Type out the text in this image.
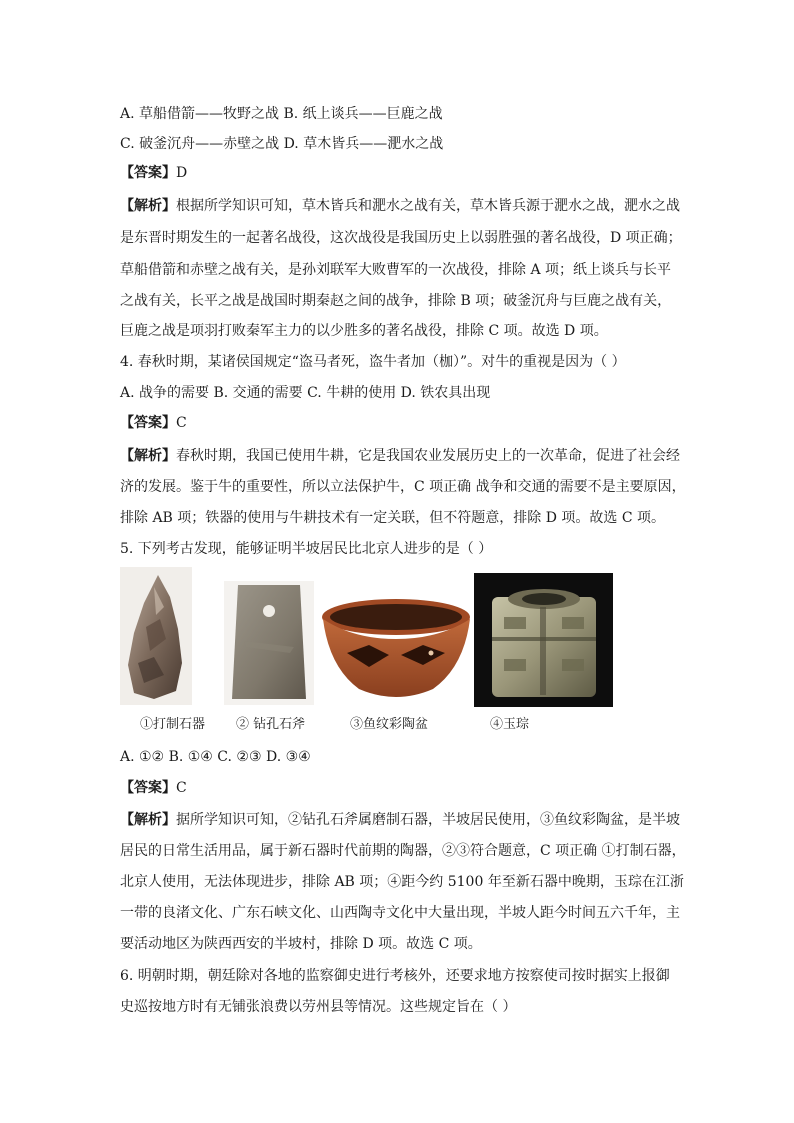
A. 草船借箭——牧野之战 B. 纸上谈兵——巨鹿之战
C. 破釜沉舟——赤壁之战 D. 草木皆兵——淝水之战
【答案】D
【解析】根据所学知识可知，草木皆兵和淝水之战有关，草木皆兵源于淝水之战，淝水之战
是东晋时期发生的一起著名战役，这次战役是我国历史上以弱胜强的著名战役，D 项正确；
草船借箭和赤壁之战有关，是孙刘联军大败曹军的一次战役，排除 A 项；纸上谈兵与长平
之战有关，长平之战是战国时期秦赵之间的战争，排除 B 项；破釜沉舟与巨鹿之战有关，
巨鹿之战是项羽打败秦军主力的以少胜多的著名战役，排除 C 项。故选 D 项。
4. 春秋时期，某诸侯国规定“盗马者死，盗牛者加（枷）”。对牛的重视是因为（ ）
A. 战争的需要 B. 交通的需要 C. 牛耕的使用 D. 铁农具出现
【答案】C
【解析】春秋时期，我国已使用牛耕，它是我国农业发展历史上的一次革命，促进了社会经
济的发展。鉴于牛的重要性，所以立法保护牛，C 项正确 战争和交通的需要不是主要原因，
排除 AB 项；铁器的使用与牛耕技术有一定关联，但不符题意，排除 D 项。故选 C 项。
5. 下列考古发现，能够证明半坡居民比北京人进步的是（ ）
①打制石器 ② 钻孔石斧	③鱼纹彩陶盆	④玉琮
A. ①② B. ①④ C. ②③ D. ③④
【答案】C
【解析】据所学知识可知，②钻孔石斧属磨制石器，半坡居民使用，③鱼纹彩陶盆，是半坡
居民的日常生活用品，属于新石器时代前期的陶器，②③符合题意，C 项正确 ①打制石器，
北京人使用，无法体现进步，排除 AB 项；④距今约 5100 年至新石器中晚期，玉琮在江浙
一带的良渚文化、广东石峡文化、山西陶寺文化中大量出现，半坡人距今时间五六千年，主
要活动地区为陕西西安的半坡村，排除 D 项。故选 C 项。
6. 明朝时期，朝廷除对各地的监察御史进行考核外，还要求地方按察使司按时据实上报御
史巡按地方时有无铺张浪费以劳州县等情况。这些规定旨在（ ）
